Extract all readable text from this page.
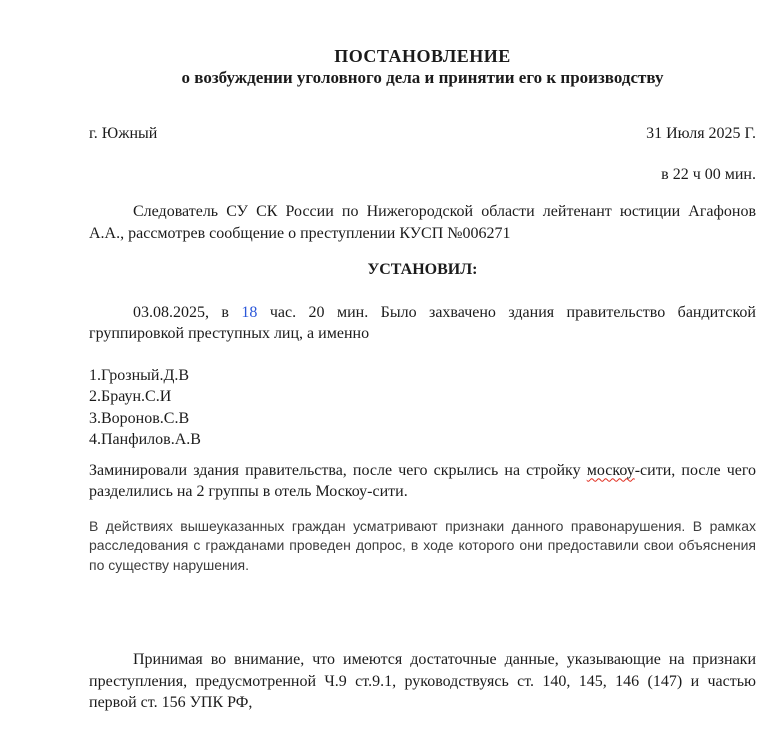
ПОСТАНОВЛЕНИЕ
о возбуждении уголовного дела и принятии его к производству
г. Южный	31 Июля 2025 Г.
в 22 ч 00 мин.

Следователь СУ СК России по Нижегородской области лейтенант юстиции Агафонов А.А., рассмотрев сообщение о преступлении КУСП №006271

УСТАНОВИЛ:

03.08.2025, в 18 час. 20 мин. Было захвачено здания правительство бандитской группировкой преступных лиц, а именно

1.Грозный.Д.В
2.Браун.С.И
3.Воронов.С.В
4.Панфилов.А.В

Заминировали здания правительства, после чего скрылись на стройку москоу-сити, после чего разделились на 2 группы в отель Москоу-сити.

В действиях вышеуказанных граждан усматривают признаки данного правонарушения. В рамках расследования с гражданами проведен допрос, в ходе которого они предоставили свои объяснения по существу нарушения.

Принимая во внимание, что имеются достаточные данные, указывающие на признаки преступления, предусмотренной Ч.9 ст.9.1, руководствуясь ст. 140, 145, 146 (147) и частью первой ст. 156 УПК РФ,
